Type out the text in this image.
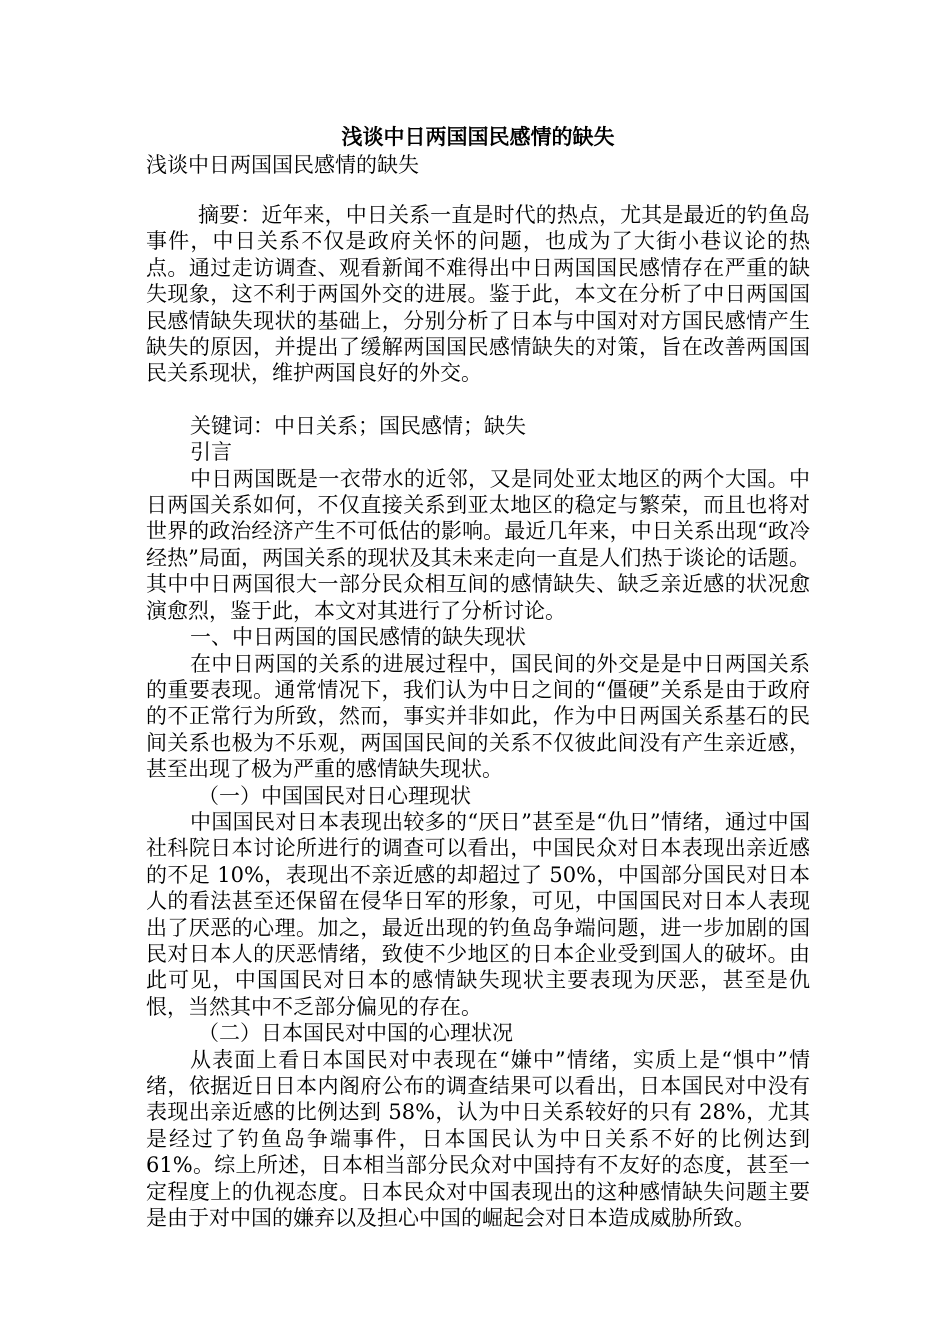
浅谈中日两国国民感情的缺失

浅谈中日两国国民感情的缺失

摘要：近年来，中日关系一直是时代的热点，尤其是最近的钓鱼岛事件，中日关系不仅是政府关怀的问题，也成为了大街小巷议论的热点。通过走访调查、观看新闻不难得出中日两国国民感情存在严重的缺失现象，这不利于两国外交的进展。鉴于此，本文在分析了中日两国国民感情缺失现状的基础上，分别分析了日本与中国对对方国民感情产生缺失的原因，并提出了缓解两国国民感情缺失的对策，旨在改善两国国民关系现状，维护两国良好的外交。

关键词：中日关系；国民感情；缺失

引言

中日两国既是一衣带水的近邻，又是同处亚太地区的两个大国。中日两国关系如何，不仅直接关系到亚太地区的稳定与繁荣，而且也将对世界的政治经济产生不可低估的影响。最近几年来，中日关系出现“政冷经热”局面，两国关系的现状及其未来走向一直是人们热于谈论的话题。其中中日两国很大一部分民众相互间的感情缺失、缺乏亲近感的状况愈演愈烈，鉴于此，本文对其进行了分析讨论。

一、中日两国的国民感情的缺失现状

在中日两国的关系的进展过程中，国民间的外交是是中日两国关系的重要表现。通常情况下，我们认为中日之间的“僵硬”关系是由于政府的不正常行为所致，然而，事实并非如此，作为中日两国关系基石的民间关系也极为不乐观，两国国民间的关系不仅彼此间没有产生亲近感，甚至出现了极为严重的感情缺失现状。

（一）中国国民对日心理现状

中国国民对日本表现出较多的“厌日”甚至是“仇日”情绪，通过中国社科院日本讨论所进行的调查可以看出，中国民众对日本表现出亲近感的不足 10%，表现出不亲近感的却超过了 50%，中国部分国民对日本人的看法甚至还保留在侵华日军的形象，可见，中国国民对日本人表现出了厌恶的心理。加之，最近出现的钓鱼岛争端问题，进一步加剧的国民对日本人的厌恶情绪，致使不少地区的日本企业受到国人的破坏。由此可见，中国国民对日本的感情缺失现状主要表现为厌恶，甚至是仇恨，当然其中不乏部分偏见的存在。

（二）日本国民对中国的心理状况

从表面上看日本国民对中表现在“嫌中”情绪，实质上是“惧中”情绪，依据近日日本内阁府公布的调查结果可以看出，日本国民对中没有表现出亲近感的比例达到 58%，认为中日关系较好的只有 28%，尤其是经过了钓鱼岛争端事件，日本国民认为中日关系不好的比例达到 61%。综上所述，日本相当部分民众对中国持有不友好的态度，甚至一定程度上的仇视态度。日本民众对中国表现出的这种感情缺失问题主要是由于对中国的嫌弃以及担心中国的崛起会对日本造成威胁所致。
